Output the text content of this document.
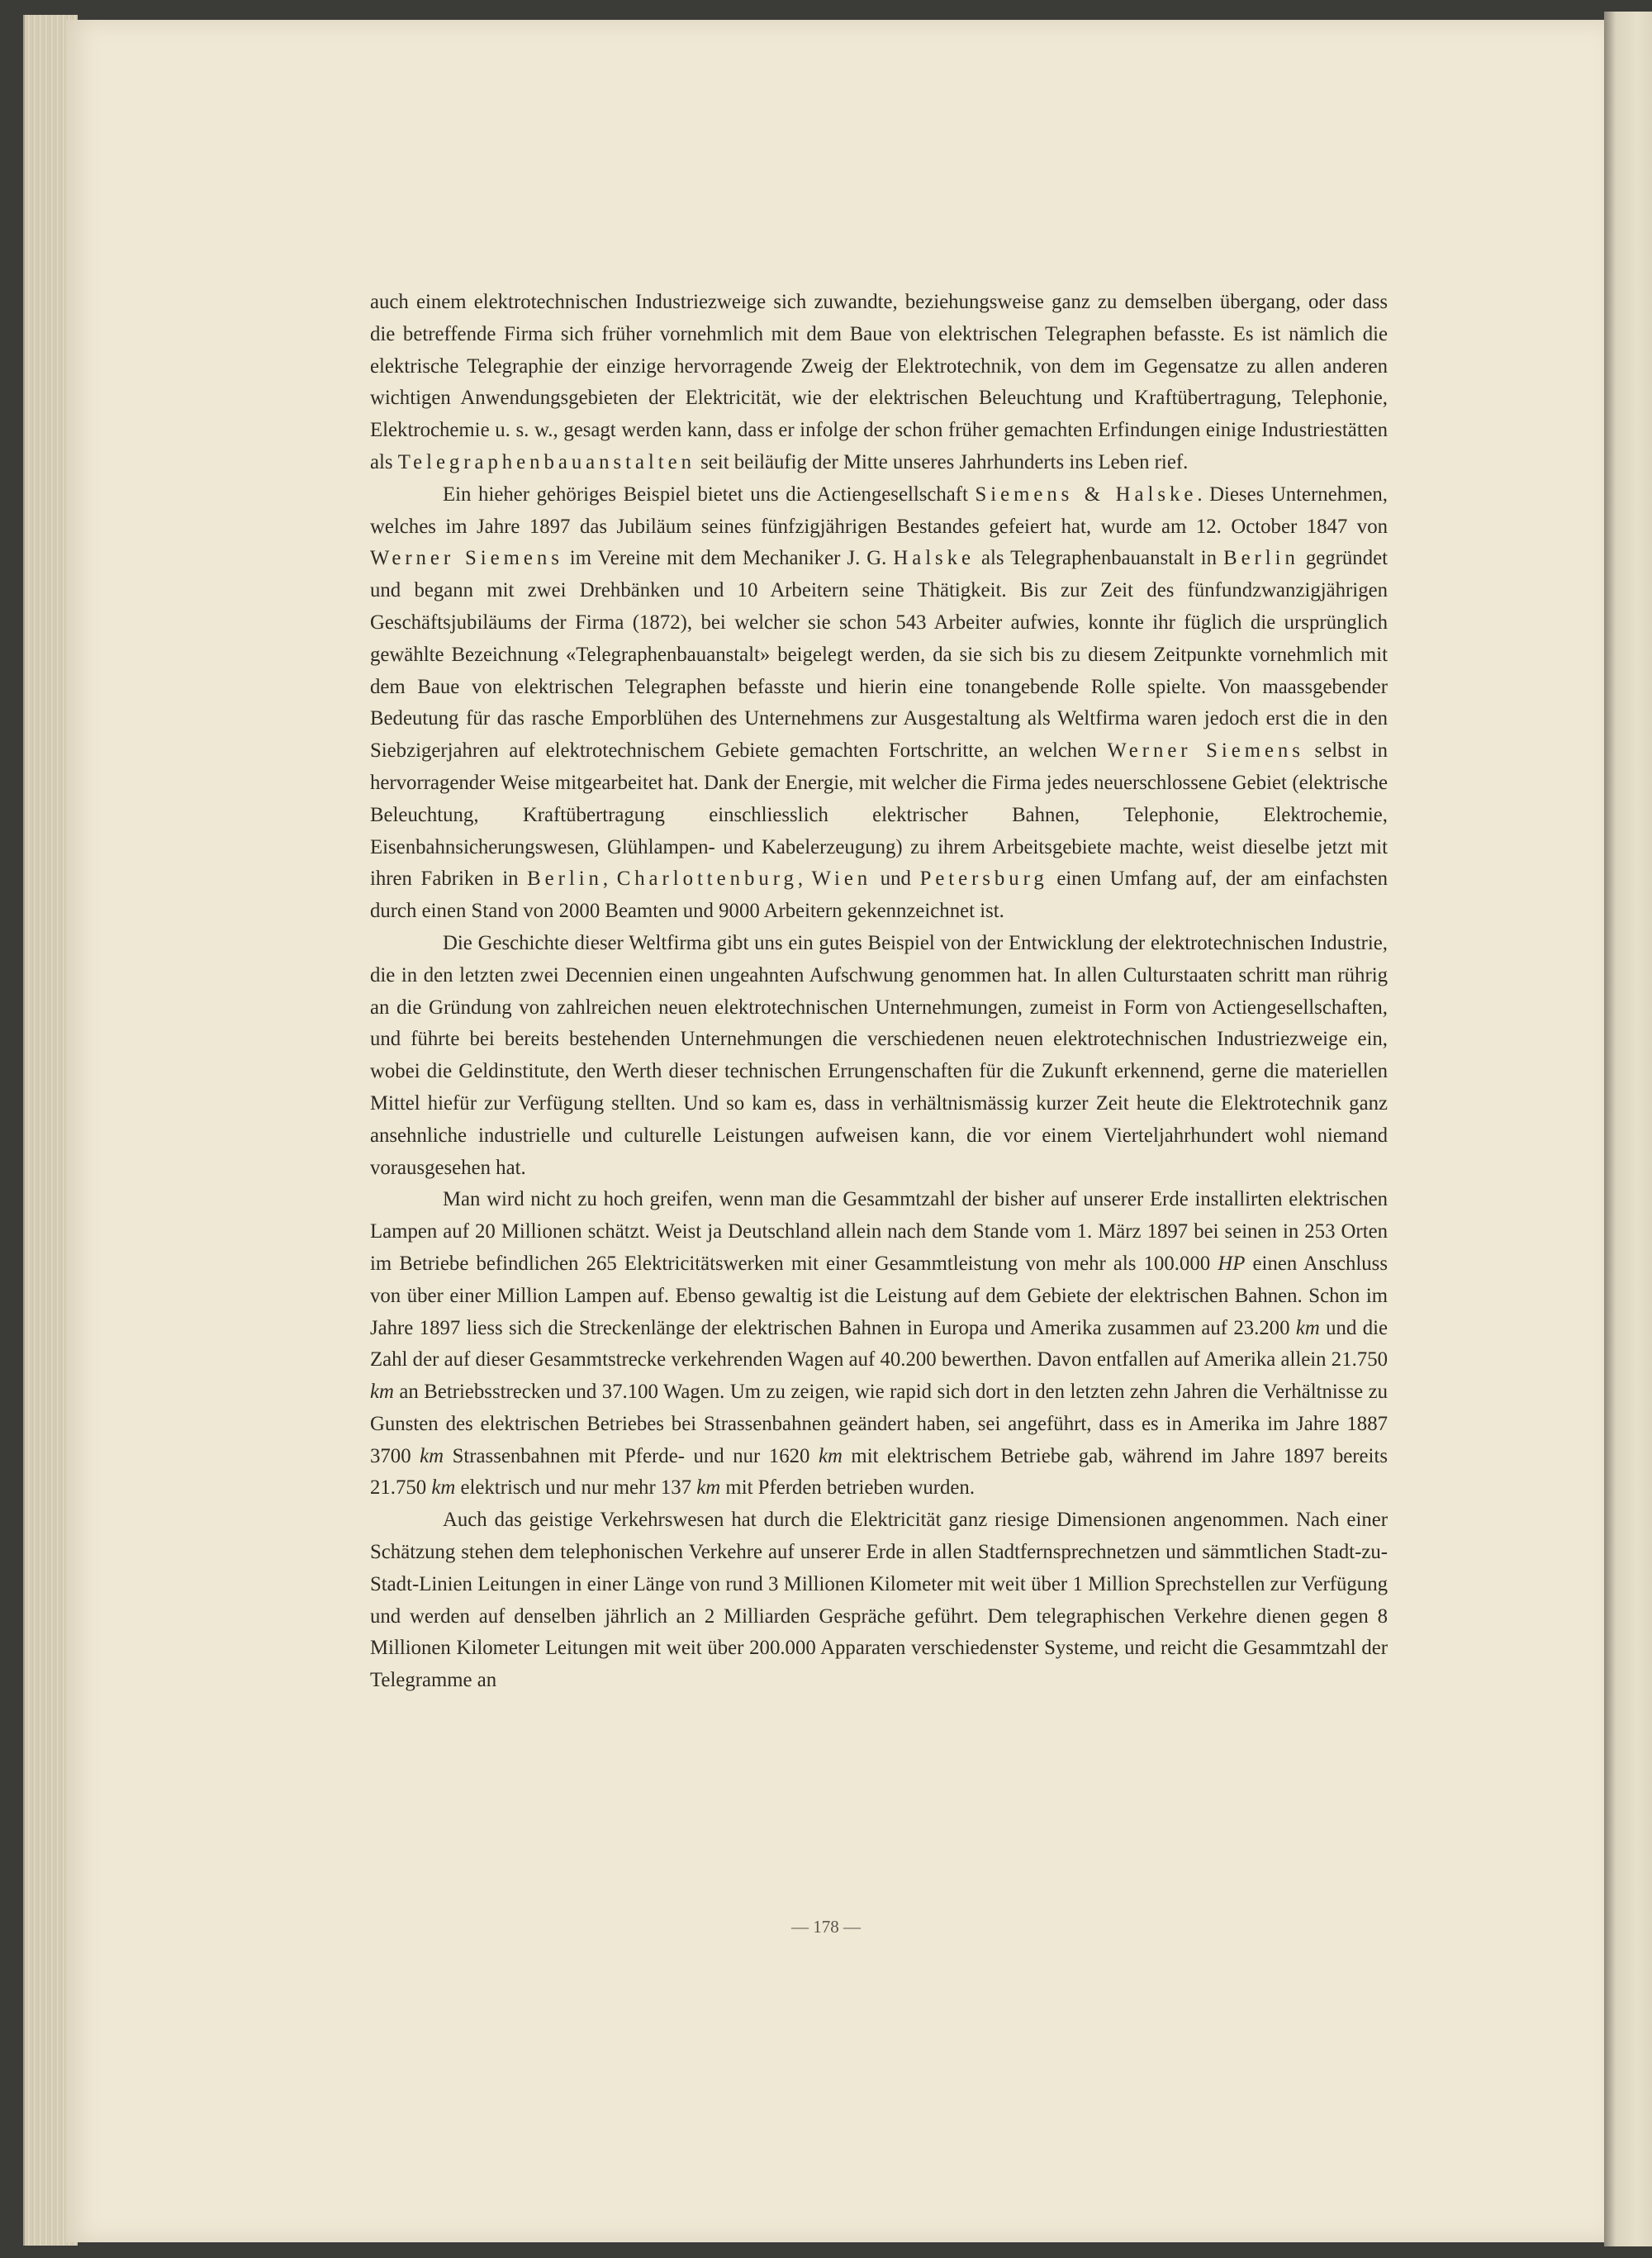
auch einem elektrotechnischen Industriezweige sich zuwandte, beziehungsweise ganz zu demselben übergang, oder dass die betreffende Firma sich früher vornehmlich mit dem Baue von elektrischen Telegraphen befasste. Es ist nämlich die elektrische Telegraphie der einzige hervorragende Zweig der Elektrotechnik, von dem im Gegensatze zu allen anderen wichtigen Anwendungsgebieten der Elektricität, wie der elektrischen Beleuchtung und Kraftübertragung, Telephonie, Elektrochemie u. s. w., gesagt werden kann, dass er infolge der schon früher gemachten Erfindungen einige Industriestätten als Telegraphenbauanstalten seit beiläufig der Mitte unseres Jahrhunderts ins Leben rief.

Ein hieher gehöriges Beispiel bietet uns die Actiengesellschaft Siemens & Halske. Dieses Unternehmen, welches im Jahre 1897 das Jubiläum seines fünfzigjährigen Bestandes gefeiert hat, wurde am 12. October 1847 von Werner Siemens im Vereine mit dem Mechaniker J. G. Halske als Telegraphenbauanstalt in Berlin gegründet und begann mit zwei Drehbänken und 10 Arbeitern seine Thätigkeit. Bis zur Zeit des fünfundzwanzigjährigen Geschäftsjubiläums der Firma (1872), bei welcher sie schon 543 Arbeiter aufwies, konnte ihr füglich die ursprünglich gewählte Bezeichnung «Telegraphenbauanstalt» beigelegt werden, da sie sich bis zu diesem Zeitpunkte vornehmlich mit dem Baue von elektrischen Telegraphen befasste und hierin eine tonangebende Rolle spielte. Von maassgebender Bedeutung für das rasche Emporblühen des Unternehmens zur Ausgestaltung als Weltfirma waren jedoch erst die in den Siebzigerjahren auf elektrotechnischem Gebiete gemachten Fortschritte, an welchen Werner Siemens selbst in hervorragender Weise mitgearbeitet hat. Dank der Energie, mit welcher die Firma jedes neuerschlossene Gebiet (elektrische Beleuchtung, Kraftübertragung einschliesslich elektrischer Bahnen, Telephonie, Elektrochemie, Eisenbahnsicherungswesen, Glühlampen- und Kabelerzeugung) zu ihrem Arbeitsgebiete machte, weist dieselbe jetzt mit ihren Fabriken in Berlin, Charlottenburg, Wien und Petersburg einen Umfang auf, der am einfachsten durch einen Stand von 2000 Beamten und 9000 Arbeitern gekennzeichnet ist.

Die Geschichte dieser Weltfirma gibt uns ein gutes Beispiel von der Entwicklung der elektrotechnischen Industrie, die in den letzten zwei Decennien einen ungeahnten Aufschwung genommen hat. In allen Culturstaaten schritt man rührig an die Gründung von zahlreichen neuen elektrotechnischen Unternehmungen, zumeist in Form von Actiengesellschaften, und führte bei bereits bestehenden Unternehmungen die verschiedenen neuen elektrotechnischen Industriezweige ein, wobei die Geldinstitute, den Werth dieser technischen Errungenschaften für die Zukunft erkennend, gerne die materiellen Mittel hiefür zur Verfügung stellten. Und so kam es, dass in verhältnismässig kurzer Zeit heute die Elektrotechnik ganz ansehnliche industrielle und culturelle Leistungen aufweisen kann, die vor einem Vierteljahrhundert wohl niemand vorausgesehen hat.

Man wird nicht zu hoch greifen, wenn man die Gesammtzahl der bisher auf unserer Erde installirten elektrischen Lampen auf 20 Millionen schätzt. Weist ja Deutschland allein nach dem Stande vom 1. März 1897 bei seinen in 253 Orten im Betriebe befindlichen 265 Elektricitätswerken mit einer Gesammtleistung von mehr als 100.000 HP einen Anschluss von über einer Million Lampen auf. Ebenso gewaltig ist die Leistung auf dem Gebiete der elektrischen Bahnen. Schon im Jahre 1897 liess sich die Streckenlänge der elektrischen Bahnen in Europa und Amerika zusammen auf 23.200 km und die Zahl der auf dieser Gesammtstrecke verkehrenden Wagen auf 40.200 bewerthen. Davon entfallen auf Amerika allein 21.750 km an Betriebsstrecken und 37.100 Wagen. Um zu zeigen, wie rapid sich dort in den letzten zehn Jahren die Verhältnisse zu Gunsten des elektrischen Betriebes bei Strassenbahnen geändert haben, sei angeführt, dass es in Amerika im Jahre 1887 3700 km Strassenbahnen mit Pferde- und nur 1620 km mit elektrischem Betriebe gab, während im Jahre 1897 bereits 21.750 km elektrisch und nur mehr 137 km mit Pferden betrieben wurden.

Auch das geistige Verkehrswesen hat durch die Elektricität ganz riesige Dimensionen angenommen. Nach einer Schätzung stehen dem telephonischen Verkehre auf unserer Erde in allen Stadtfernsprechnetzen und sämmtlichen Stadt-zu-Stadt-Linien Leitungen in einer Länge von rund 3 Millionen Kilometer mit weit über 1 Million Sprechstellen zur Verfügung und werden auf denselben jährlich an 2 Milliarden Gespräche geführt. Dem telegraphischen Verkehre dienen gegen 8 Millionen Kilometer Leitungen mit weit über 200.000 Apparaten verschiedenster Systeme, und reicht die Gesammtzahl der Telegramme an

— 178 —
